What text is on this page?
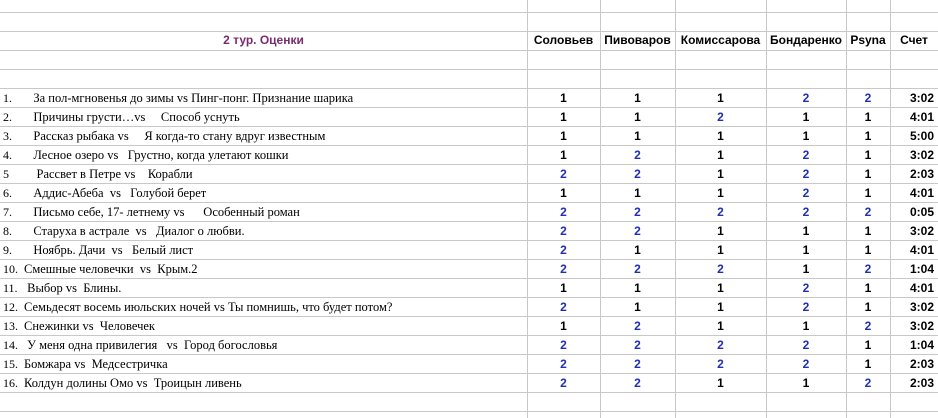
2 тур. Оценки	Соловьев Пивоваров Комиссарова Бондаренко Psyna	Счет
1. За пол-мгновенья до зимы vs Пинг-понг. Признание шарика	1	1	1	2	2	3:02
2. Причины грусти…vs     Способ уснуть	1	1	2	1	1	4:01
3. Рассказ рыбака vs     Я когда-то стану вдруг известным	1	1	1	1	1	5:00
4. Лесное озеро vs   Грустно, когда улетают кошки	1	2	1	2	1	3:02
5	Рассвет в Петре vs    Корабли	2	2	1	2	1	2:03
6. Аддис-Абеба  vs   Голубой берет	1	1	1	2	1	4:01
7. Письмо себе, 17- летнему vs      Особенный роман	2	2	2	2	2	0:05
8. Старуха в астрале  vs   Диалог о любви.	2	2	1	1	1	3:02
9. Ноябрь. Дачи  vs   Белый лист	2	1	1	1	1	4:01
10. Смешные человечки  vs  Крым.2	2	2	2	1	2	1:04
11. Выбор vs  Блины.	1	1	1	2	1	4:01
12. Семьдесят восемь июльских ночей vs Ты помнишь, что будет потом?	2	1	1	2	1	3:02
13. Снежинки vs  Человечек	1	2	1	1	2	3:02
14. У меня одна привилегия   vs  Город богословья	2	2	2	2	1	1:04
15. Бомжара vs  Медсестричка	2	2	2	2	1	2:03
16. Колдун долины Омо vs  Троицын ливень	2	2	1	1	2	2:03
